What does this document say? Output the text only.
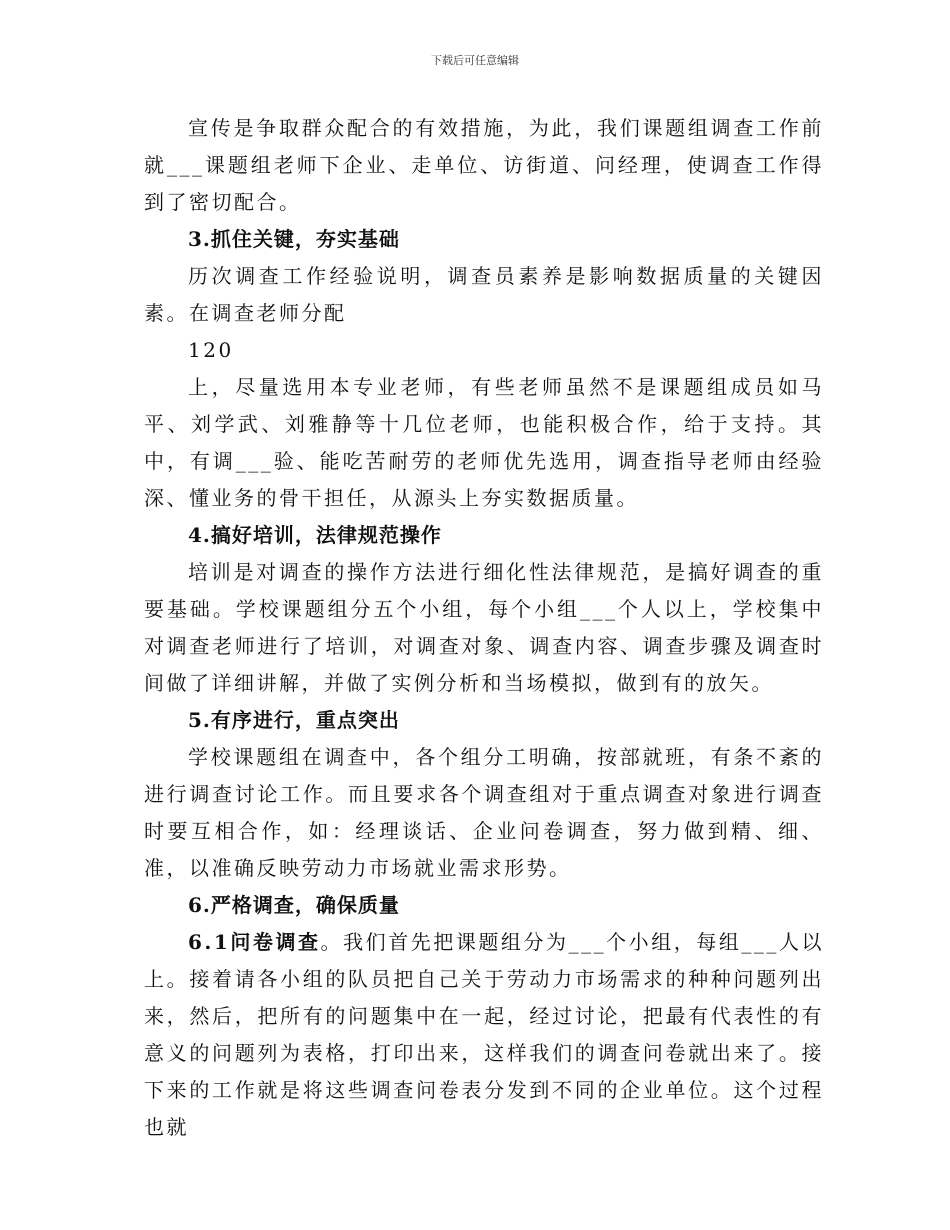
下载后可任意编辑

宣传是争取群众配合的有效措施，为此，我们课题组调查工作前就___课题组老师下企业、走单位、访街道、问经理，使调查工作得到了密切配合。

3.抓住关键，夯实基础

历次调查工作经验说明，调查员素养是影响数据质量的关键因素。在调查老师分配

120

上，尽量选用本专业老师，有些老师虽然不是课题组成员如马平、刘学武、刘雅静等十几位老师，也能积极合作，给于支持。其中，有调___验、能吃苦耐劳的老师优先选用，调查指导老师由经验深、懂业务的骨干担任，从源头上夯实数据质量。

4.搞好培训，法律规范操作

培训是对调查的操作方法进行细化性法律规范，是搞好调查的重要基础。学校课题组分五个小组，每个小组___个人以上，学校集中对调查老师进行了培训，对调查对象、调查内容、调查步骤及调查时间做了详细讲解，并做了实例分析和当场模拟，做到有的放矢。

5.有序进行，重点突出

学校课题组在调查中，各个组分工明确，按部就班，有条不紊的进行调查讨论工作。而且要求各个调查组对于重点调查对象进行调查时要互相合作，如：经理谈话、企业问卷调查，努力做到精、细、准，以准确反映劳动力市场就业需求形势。

6.严格调查，确保质量

6.1问卷调查。我们首先把课题组分为___个小组，每组___人以上。接着请各小组的队员把自己关于劳动力市场需求的种种问题列出来，然后，把所有的问题集中在一起，经过讨论，把最有代表性的有意义的问题列为表格，打印出来，这样我们的调查问卷就出来了。接下来的工作就是将这些调查问卷表分发到不同的企业单位。这个过程也就
